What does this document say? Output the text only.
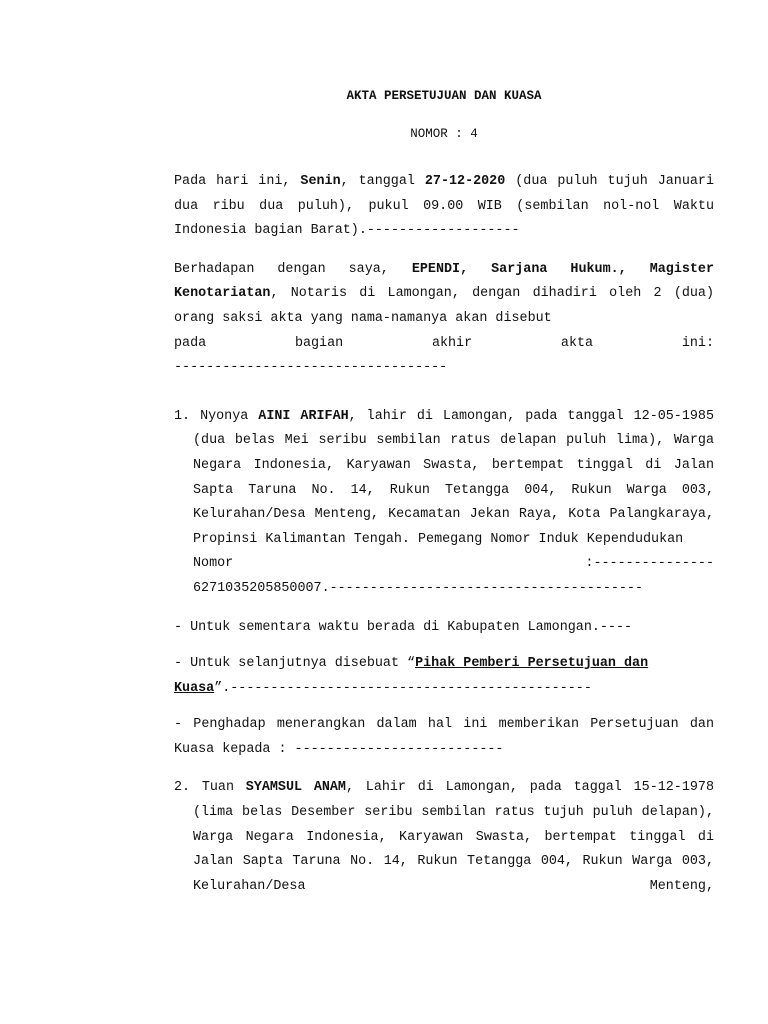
AKTA PERSETUJUAN DAN KUASA

NOMOR : 4

Pada hari ini, Senin, tanggal 27-12-2020 (dua puluh tujuh Januari dua ribu dua puluh), pukul 09.00 WIB (sembilan nol-nol Waktu Indonesia bagian Barat).-------------------

Berhadapan dengan saya, EPENDI, Sarjana Hukum., Magister Kenotariatan, Notaris di Lamongan, dengan dihadiri oleh 2 (dua) orang saksi akta yang nama-namanya akan disebut

pada	bagian	akhir	akta	ini:

----------------------------------

1. Nyonya AINI ARIFAH, lahir di Lamongan, pada tanggal 12-05-1985 (dua belas Mei seribu sembilan ratus delapan puluh lima), Warga Negara Indonesia, Karyawan Swasta, bertempat tinggal di Jalan Sapta Taruna No. 14, Rukun Tetangga 004, Rukun Warga 003, Kelurahan/Desa Menteng, Kecamatan Jekan Raya, Kota Palangkaraya, Propinsi Kalimantan Tengah. Pemegang Nomor Induk Kependudukan

Nomor	:---------------

6271035205850007.---------------------------------------

- Untuk sementara waktu berada di Kabupaten Lamongan.----

- Untuk selanjutnya disebuat “Pihak Pemberi Persetujuan dan
Kuasa”.---------------------------------------------

- Penghadap menerangkan dalam hal ini memberikan Persetujuan dan Kuasa kepada : --------------------------

2. Tuan SYAMSUL ANAM, Lahir di Lamongan, pada taggal 15-12-1978 (lima belas Desember seribu sembilan ratus tujuh puluh delapan), Warga Negara Indonesia, Karyawan Swasta, bertempat tinggal di Jalan Sapta Taruna No. 14, Rukun Tetangga 004, Rukun Warga 003, Kelurahan/Desa Menteng,
